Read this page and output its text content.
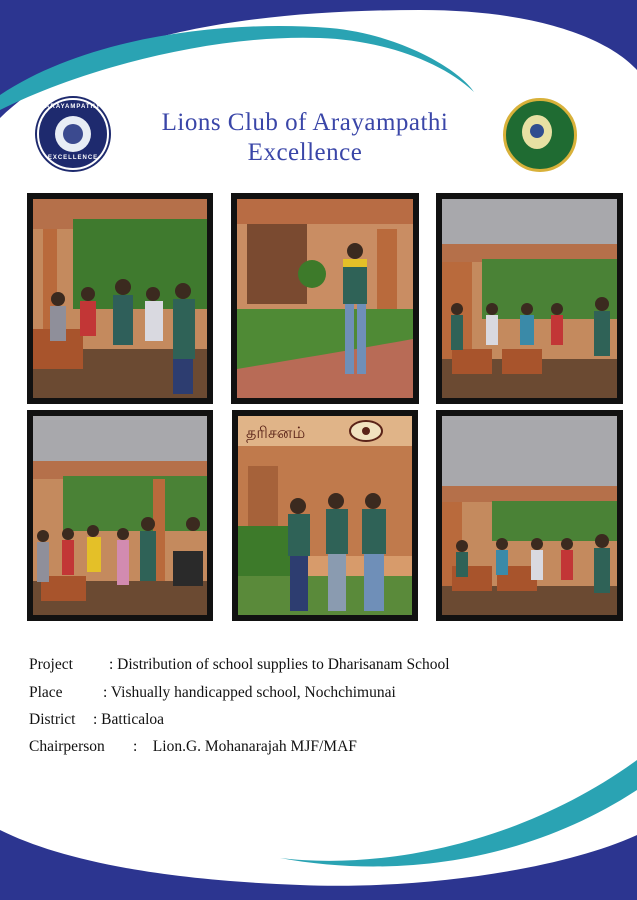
ARAYAMPATHY
EXCELLENCE
Lions Club of Arayampathi
Excellence
தரிசனம்
Project : Distribution of school supplies to Dharisanam School
Place	: Vishually handicapped school, Nochchimunai
District : Batticaloa
Chairperson :    Lion.G. Mohanarajah MJF/MAF
